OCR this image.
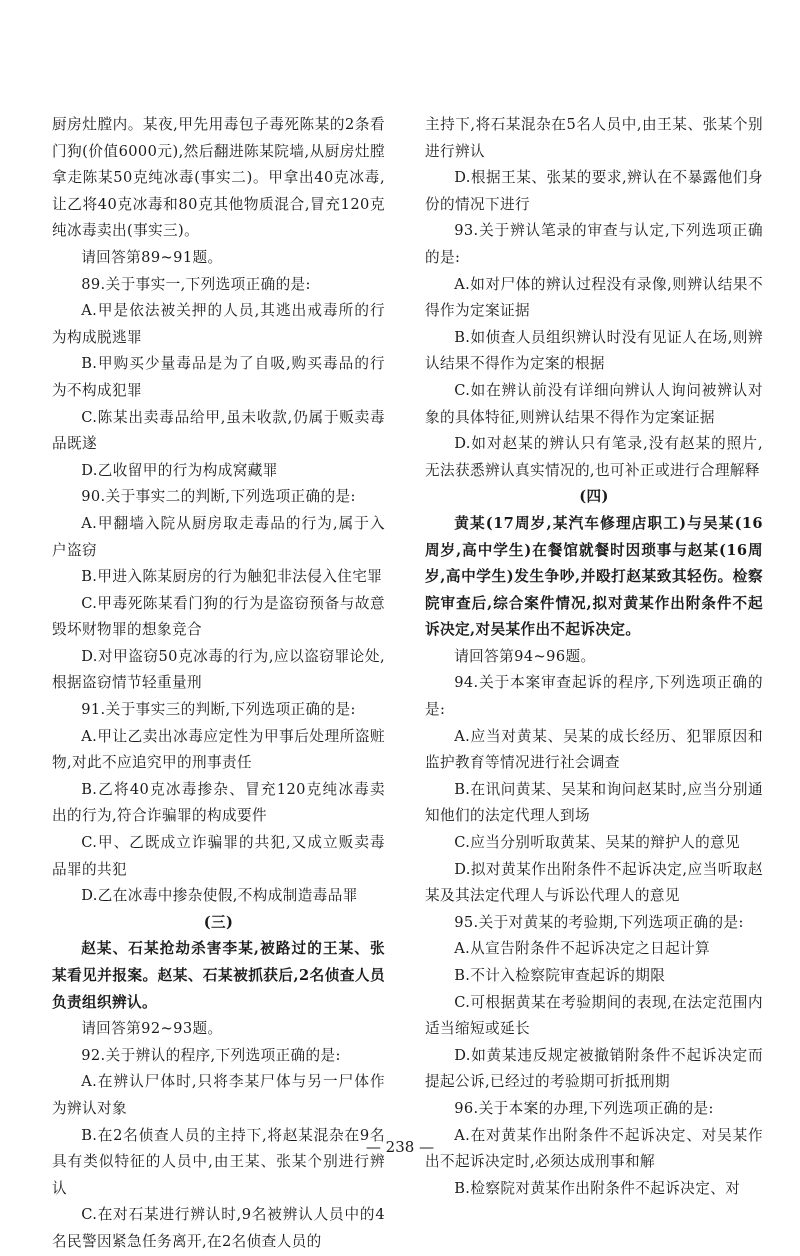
厨房灶膛内。某夜,甲先用毒包子毒死陈某的2条看门狗(价值6000元),然后翻进陈某院墙,从厨房灶膛拿走陈某50克纯冰毒(事实二)。甲拿出40克冰毒,让乙将40克冰毒和80克其他物质混合,冒充120克纯冰毒卖出(事实三)。

请回答第89~91题。

89.关于事实一,下列选项正确的是:

A.甲是依法被关押的人员,其逃出戒毒所的行为构成脱逃罪

B.甲购买少量毒品是为了自吸,购买毒品的行为不构成犯罪

C.陈某出卖毒品给甲,虽未收款,仍属于贩卖毒品既遂

D.乙收留甲的行为构成窝藏罪

90.关于事实二的判断,下列选项正确的是:

A.甲翻墙入院从厨房取走毒品的行为,属于入户盗窃

B.甲进入陈某厨房的行为触犯非法侵入住宅罪

C.甲毒死陈某看门狗的行为是盗窃预备与故意毁坏财物罪的想象竞合

D.对甲盗窃50克冰毒的行为,应以盗窃罪论处,根据盗窃情节轻重量刑

91.关于事实三的判断,下列选项正确的是:

A.甲让乙卖出冰毒应定性为甲事后处理所盗赃物,对此不应追究甲的刑事责任

B.乙将40克冰毒掺杂、冒充120克纯冰毒卖出的行为,符合诈骗罪的构成要件

C.甲、乙既成立诈骗罪的共犯,又成立贩卖毒品罪的共犯

D.乙在冰毒中掺杂使假,不构成制造毒品罪

(三)

赵某、石某抢劫杀害李某,被路过的王某、张某看见并报案。赵某、石某被抓获后,2名侦查人员负责组织辨认。

请回答第92~93题。

92.关于辨认的程序,下列选项正确的是:

A.在辨认尸体时,只将李某尸体与另一尸体作为辨认对象

B.在2名侦查人员的主持下,将赵某混杂在9名具有类似特征的人员中,由王某、张某个别进行辨认

C.在对石某进行辨认时,9名被辨认人员中的4名民警因紧急任务离开,在2名侦查人员的

主持下,将石某混杂在5名人员中,由王某、张某个别进行辨认

D.根据王某、张某的要求,辨认在不暴露他们身份的情况下进行

93.关于辨认笔录的审查与认定,下列选项正确的是:

A.如对尸体的辨认过程没有录像,则辨认结果不得作为定案证据

B.如侦查人员组织辨认时没有见证人在场,则辨认结果不得作为定案的根据

C.如在辨认前没有详细向辨认人询问被辨认对象的具体特征,则辨认结果不得作为定案证据

D.如对赵某的辨认只有笔录,没有赵某的照片,无法获悉辨认真实情况的,也可补正或进行合理解释

(四)

黄某(17周岁,某汽车修理店职工)与吴某(16周岁,高中学生)在餐馆就餐时因琐事与赵某(16周岁,高中学生)发生争吵,并殴打赵某致其轻伤。检察院审查后,综合案件情况,拟对黄某作出附条件不起诉决定,对吴某作出不起诉决定。

请回答第94~96题。

94.关于本案审查起诉的程序,下列选项正确的是:

A.应当对黄某、吴某的成长经历、犯罪原因和监护教育等情况进行社会调查

B.在讯问黄某、吴某和询问赵某时,应当分别通知他们的法定代理人到场

C.应当分别听取黄某、吴某的辩护人的意见

D.拟对黄某作出附条件不起诉决定,应当听取赵某及其法定代理人与诉讼代理人的意见

95.关于对黄某的考验期,下列选项正确的是:

A.从宣告附条件不起诉决定之日起计算

B.不计入检察院审查起诉的期限

C.可根据黄某在考验期间的表现,在法定范围内适当缩短或延长

D.如黄某违反规定被撤销附条件不起诉决定而提起公诉,已经过的考验期可折抵刑期

96.关于本案的办理,下列选项正确的是:

A.在对黄某作出附条件不起诉决定、对吴某作出不起诉决定时,必须达成刑事和解

B.检察院对黄某作出附条件不起诉决定、对

— 238 —
